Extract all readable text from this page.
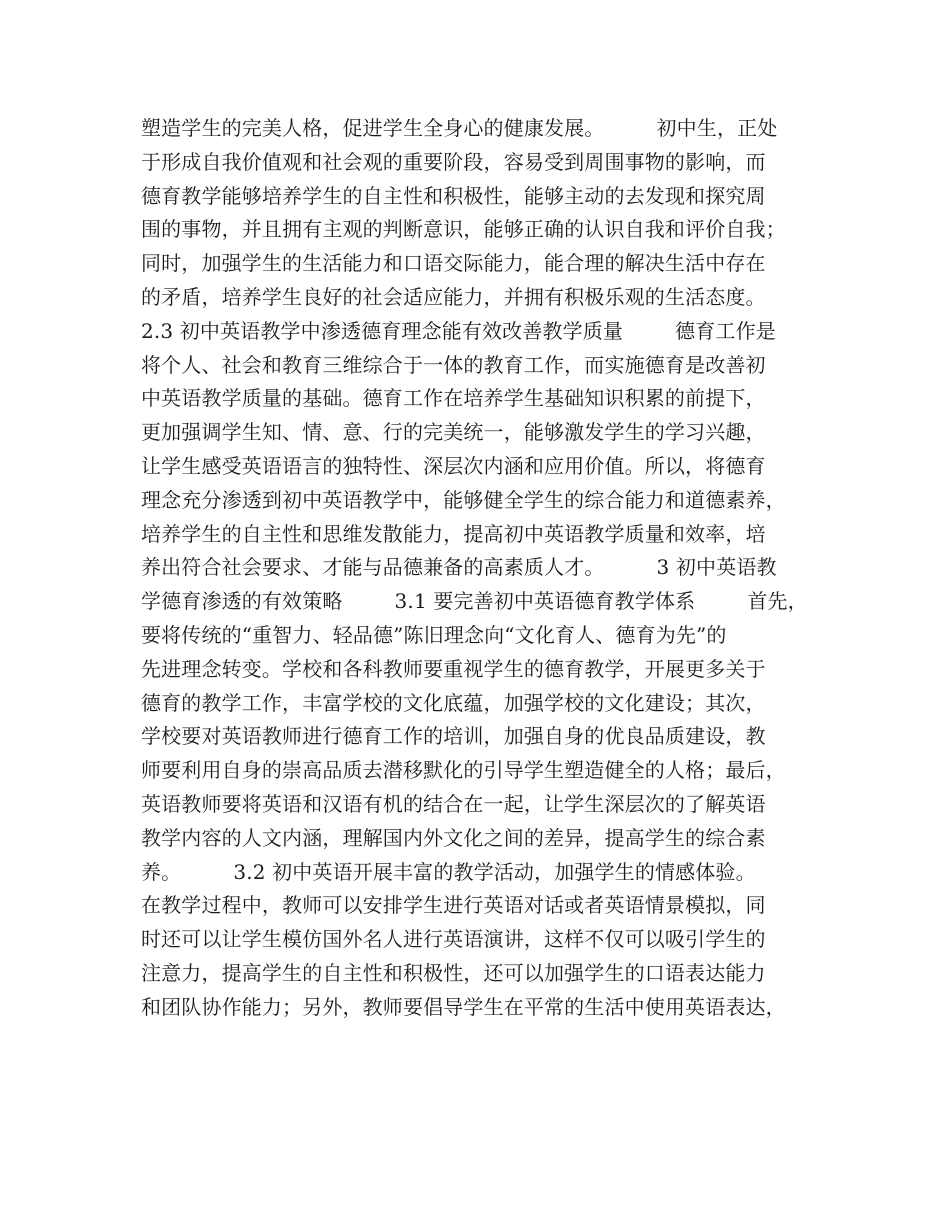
塑造学生的完美人格，促进学生全身心的健康发展。        初中生，正处
于形成自我价值观和社会观的重要阶段，容易受到周围事物的影响，而
德育教学能够培养学生的自主性和积极性，能够主动的去发现和探究周
围的事物，并且拥有主观的判断意识，能够正确的认识自我和评价自我；
同时，加强学生的生活能力和口语交际能力，能合理的解决生活中存在
的矛盾，培养学生良好的社会适应能力，并拥有积极乐观的生活态度。
2.3 初中英语教学中渗透德育理念能有效改善教学质量        德育工作是
将个人、社会和教育三维综合于一体的教育工作，而实施德育是改善初
中英语教学质量的基础。德育工作在培养学生基础知识积累的前提下，
更加强调学生知、情、意、行的完美统一，能够激发学生的学习兴趣，
让学生感受英语语言的独特性、深层次内涵和应用价值。所以，将德育
理念充分渗透到初中英语教学中，能够健全学生的综合能力和道德素养，
培养学生的自主性和思维发散能力，提高初中英语教学质量和效率，培
养出符合社会要求、才能与品德兼备的高素质人才。        3 初中英语教
学德育渗透的有效策略        3.1 要完善初中英语德育教学体系        首先，
要将传统的“重智力、轻品德”陈旧理念向“文化育人、德育为先”的
先进理念转变。学校和各科教师要重视学生的德育教学，开展更多关于
德育的教学工作，丰富学校的文化底蕴，加强学校的文化建设；其次，
学校要对英语教师进行德育工作的培训，加强自身的优良品质建设，教
师要利用自身的崇高品质去潜移默化的引导学生塑造健全的人格；最后，
英语教师要将英语和汉语有机的结合在一起，让学生深层次的了解英语
教学内容的人文内涵，理解国内外文化之间的差异，提高学生的综合素
养。        3.2 初中英语开展丰富的教学活动，加强学生的情感体验。
在教学过程中，教师可以安排学生进行英语对话或者英语情景模拟，同
时还可以让学生模仿国外名人进行英语演讲，这样不仅可以吸引学生的
注意力，提高学生的自主性和积极性，还可以加强学生的口语表达能力
和团队协作能力；另外，教师要倡导学生在平常的生活中使用英语表达，
